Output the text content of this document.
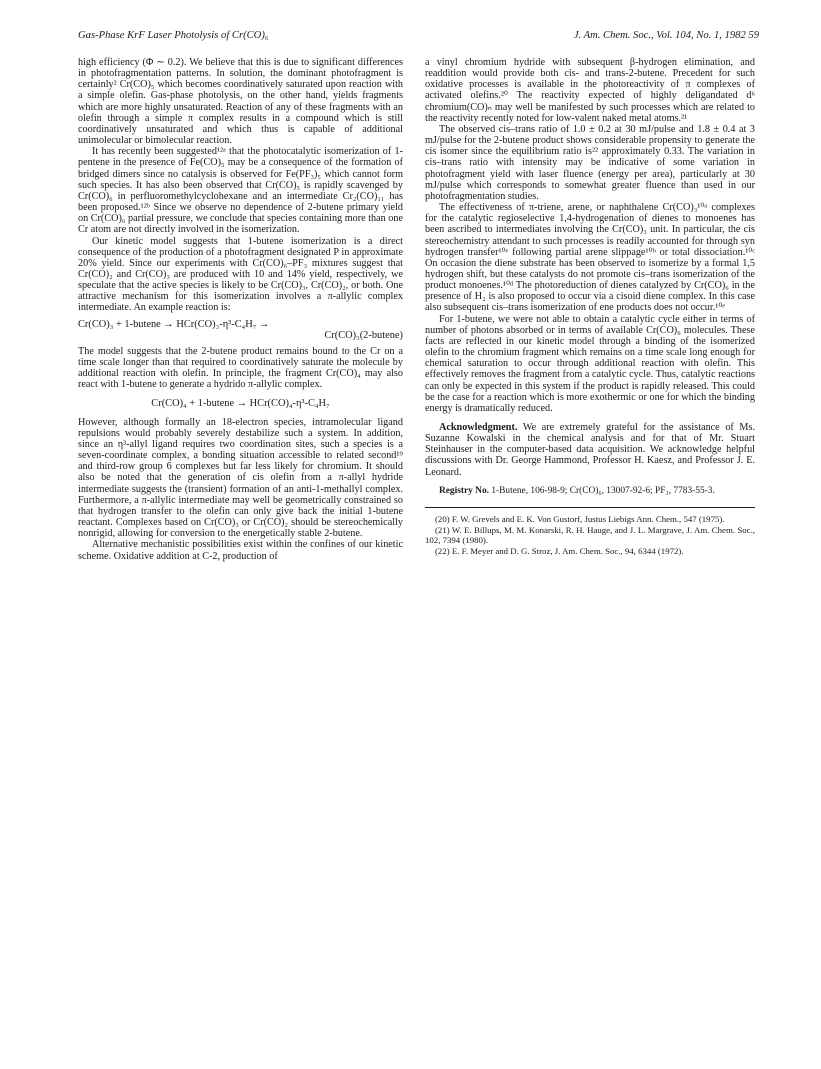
Gas-Phase KrF Laser Photolysis of Cr(CO)₆	J. Am. Chem. Soc., Vol. 104, No. 1, 1982 59

high efficiency (Φ ∼ 0.2). We believe that this is due to significant differences in photofragmentation patterns. In solution, the dominant photofragment is certainly² Cr(CO)₅ which becomes coordinatively saturated upon reaction with a simple olefin. Gas-phase photolysis, on the other hand, yields fragments which are more highly unsaturated. Reaction of any of these fragments with an olefin through a simple π complex results in a compound which is still coordinatively unsaturated and which thus is capable of additional unimolecular or bimolecular reaction.

It has recently been suggested¹²ᵃ that the photocatalytic isomerization of 1-pentene in the presence of Fe(CO)₅ may be a consequence of the formation of bridged dimers since no catalysis is observed for Fe(PF₃)₅ which cannot form such species. It has also been observed that Cr(CO)₅ is rapidly scavenged by Cr(CO)₆ in perfluoromethylcyclohexane and an intermediate Cr₂(CO)₁₁ has been proposed.¹²ᵇ Since we observe no dependence of 2-butene primary yield on Cr(CO)₆ partial pressure, we conclude that species containing more than one Cr atom are not directly involved in the isomerization.

Our kinetic model suggests that 1-butene isomerization is a direct consequence of the production of a photofragment designated P in approximate 20% yield. Since our experiments with Cr(CO)₆–PF₃ mixtures suggest that Cr(CO)₂ and Cr(CO)₃ are produced with 10 and 14% yield, respectively, we speculate that the active species is likely to be Cr(CO)₃, Cr(CO)₂, or both. One attractive mechanism for this isomerization involves a π-allylic complex intermediate. An example reaction is:

Cr(CO)₃ + 1-butene → HCr(CO)₃-η³-C₄H₇ →
Cr(CO)₃(2-butene)

The model suggests that the 2-butene product remains bound to the Cr on a time scale longer than that required to coordinatively saturate the molecule by additional reaction with olefin. In principle, the fragment Cr(CO)₄ may also react with 1-butene to generate a hydrido π-allylic complex.

Cr(CO)₄ + 1-butene → HCr(CO)₄-η³-C₄H₇

However, although formally an 18-electron species, intramolecular ligand repulsions would probably severely destabilize such a system. In addition, since an η³-allyl ligand requires two coordination sites, such a species is a seven-coordinate complex, a bonding situation accessible to related second¹⁹ and third-row group 6 complexes but far less likely for chromium. It should also be noted that the generation of cis olefin from a π-allyl hydride intermediate suggests the (transient) formation of an anti-1-methallyl complex. Furthermore, a π-allylic intermediate may well be geometrically constrained so that hydrogen transfer to the olefin can only give back the initial 1-butene reactant. Complexes based on Cr(CO)₃ or Cr(CO)₂ should be stereochemically nonrigid, allowing for conversion to the energetically stable 2-butene.

Alternative mechanistic possibilities exist within the confines of our kinetic scheme. Oxidative addition at C-2, production of

a vinyl chromium hydride with subsequent β-hydrogen elimination, and readdition would provide both cis- and trans-2-butene. Precedent for such oxidative processes is available in the photoreactivity of π complexes of activated olefins.²⁰ The reactivity expected of highly deligandated d⁶ chromium(CO)ₙ may well be manifested by such processes which are related to the reactivity recently noted for low-valent naked metal atoms.²¹

The observed cis–trans ratio of 1.0 ± 0.2 at 30 mJ/pulse and 1.8 ± 0.4 at 3 mJ/pulse for the 2-butene product shows considerable propensity to generate the cis isomer since the equilibrium ratio is²² approximately 0.33. The variation in cis–trans ratio with intensity may be indicative of some variation in photofragment yield with laser fluence (energy per area), particularly at 30 mJ/pulse which corresponds to somewhat greater fluence than used in our photofragmentation studies.

The effectiveness of π-triene, arene, or naphthalene Cr(CO)₃¹⁰ᵃ complexes for the catalytic regioselective 1,4-hydrogenation of dienes to monoenes has been ascribed to intermediates involving the Cr(CO)₃ unit. In particular, the cis stereochemistry attendant to such processes is readily accounted for through syn hydrogen transfer¹⁰ᵉ following partial arene slippage¹⁰ᵇ or total dissociation.¹⁰ᶜ On occasion the diene substrate has been observed to isomerize by a formal 1,5 hydrogen shift, but these catalysts do not promote cis–trans isomerization of the product monoenes.¹⁰ᵈ The photoreduction of dienes catalyzed by Cr(CO)₆ in the presence of H₂ is also proposed to occur via a cisoid diene complex. In this case also subsequent cis–trans isomerization of ene products does not occur.¹⁰ᵉ

For 1-butene, we were not able to obtain a catalytic cycle either in terms of number of photons absorbed or in terms of available Cr(CO)₆ molecules. These facts are reflected in our kinetic model through a binding of the isomerized olefin to the chromium fragment which remains on a time scale long enough for chemical saturation to occur through additional reaction with olefin. This effectively removes the fragment from a catalytic cycle. Thus, catalytic reactions can only be expected in this system if the product is rapidly released. This could be the case for a reaction which is more exothermic or one for which the binding energy is dramatically reduced.

Acknowledgment. We are extremely grateful for the assistance of Ms. Suzanne Kowalski in the chemical analysis and for that of Mr. Stuart Steinhauser in the computer-based data acquisition. We acknowledge helpful discussions with Dr. George Hammond, Professor H. Kaesz, and Professor J. E. Leonard.

Registry No. 1-Butene, 106-98-9; Cr(CO)₆, 13007-92-6; PF₃, 7783-55-3.

(20) F. W. Grevels and E. K. Von Gustorf, Justus Liebigs Ann. Chem., 547 (1975).

(21) W. E. Billups, M. M. Konarski, R. H. Hauge, and J. L. Margrave, J. Am. Chem. Soc., 102, 7394 (1980).

(22) E. F. Meyer and D. G. Stroz, J. Am. Chem. Soc., 94, 6344 (1972).
